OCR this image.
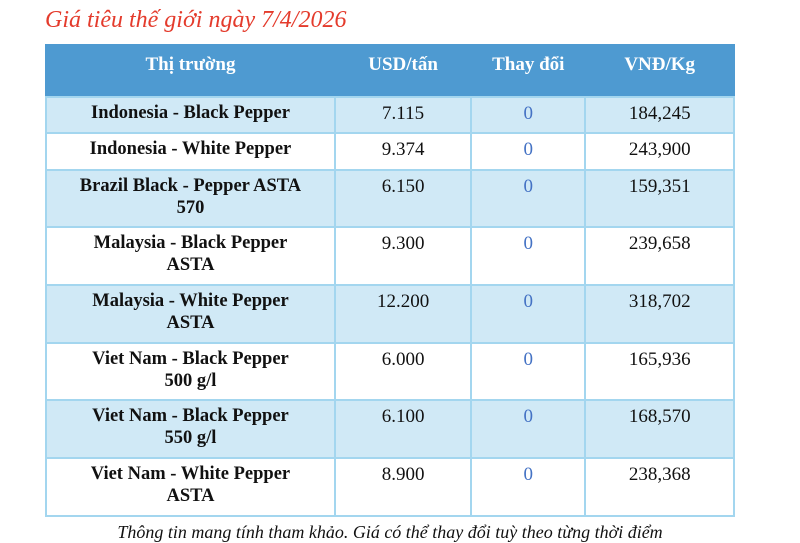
Giá tiêu thế giới ngày 7/4/2026
Thị trường	USD/tấn	Thay đổi	VNĐ/Kg

Indonesia - Black Pepper	7.115	0	184,245

Indonesia - White Pepper	9.374	0	243,900

Brazil Black - Pepper ASTA 570	6.150	0	159,351

Malaysia - Black Pepper ASTA	9.300	0	239,658

Malaysia - White Pepper ASTA	12.200	0	318,702

Viet Nam - Black Pepper 500 g/l	6.000	0	165,936

Viet Nam - Black Pepper 550 g/l	6.100	0	168,570

Viet Nam - White Pepper ASTA	8.900	0	238,368
Thông tin mang tính tham khảo. Giá có thể thay đổi tuỳ theo từng thời điểm
